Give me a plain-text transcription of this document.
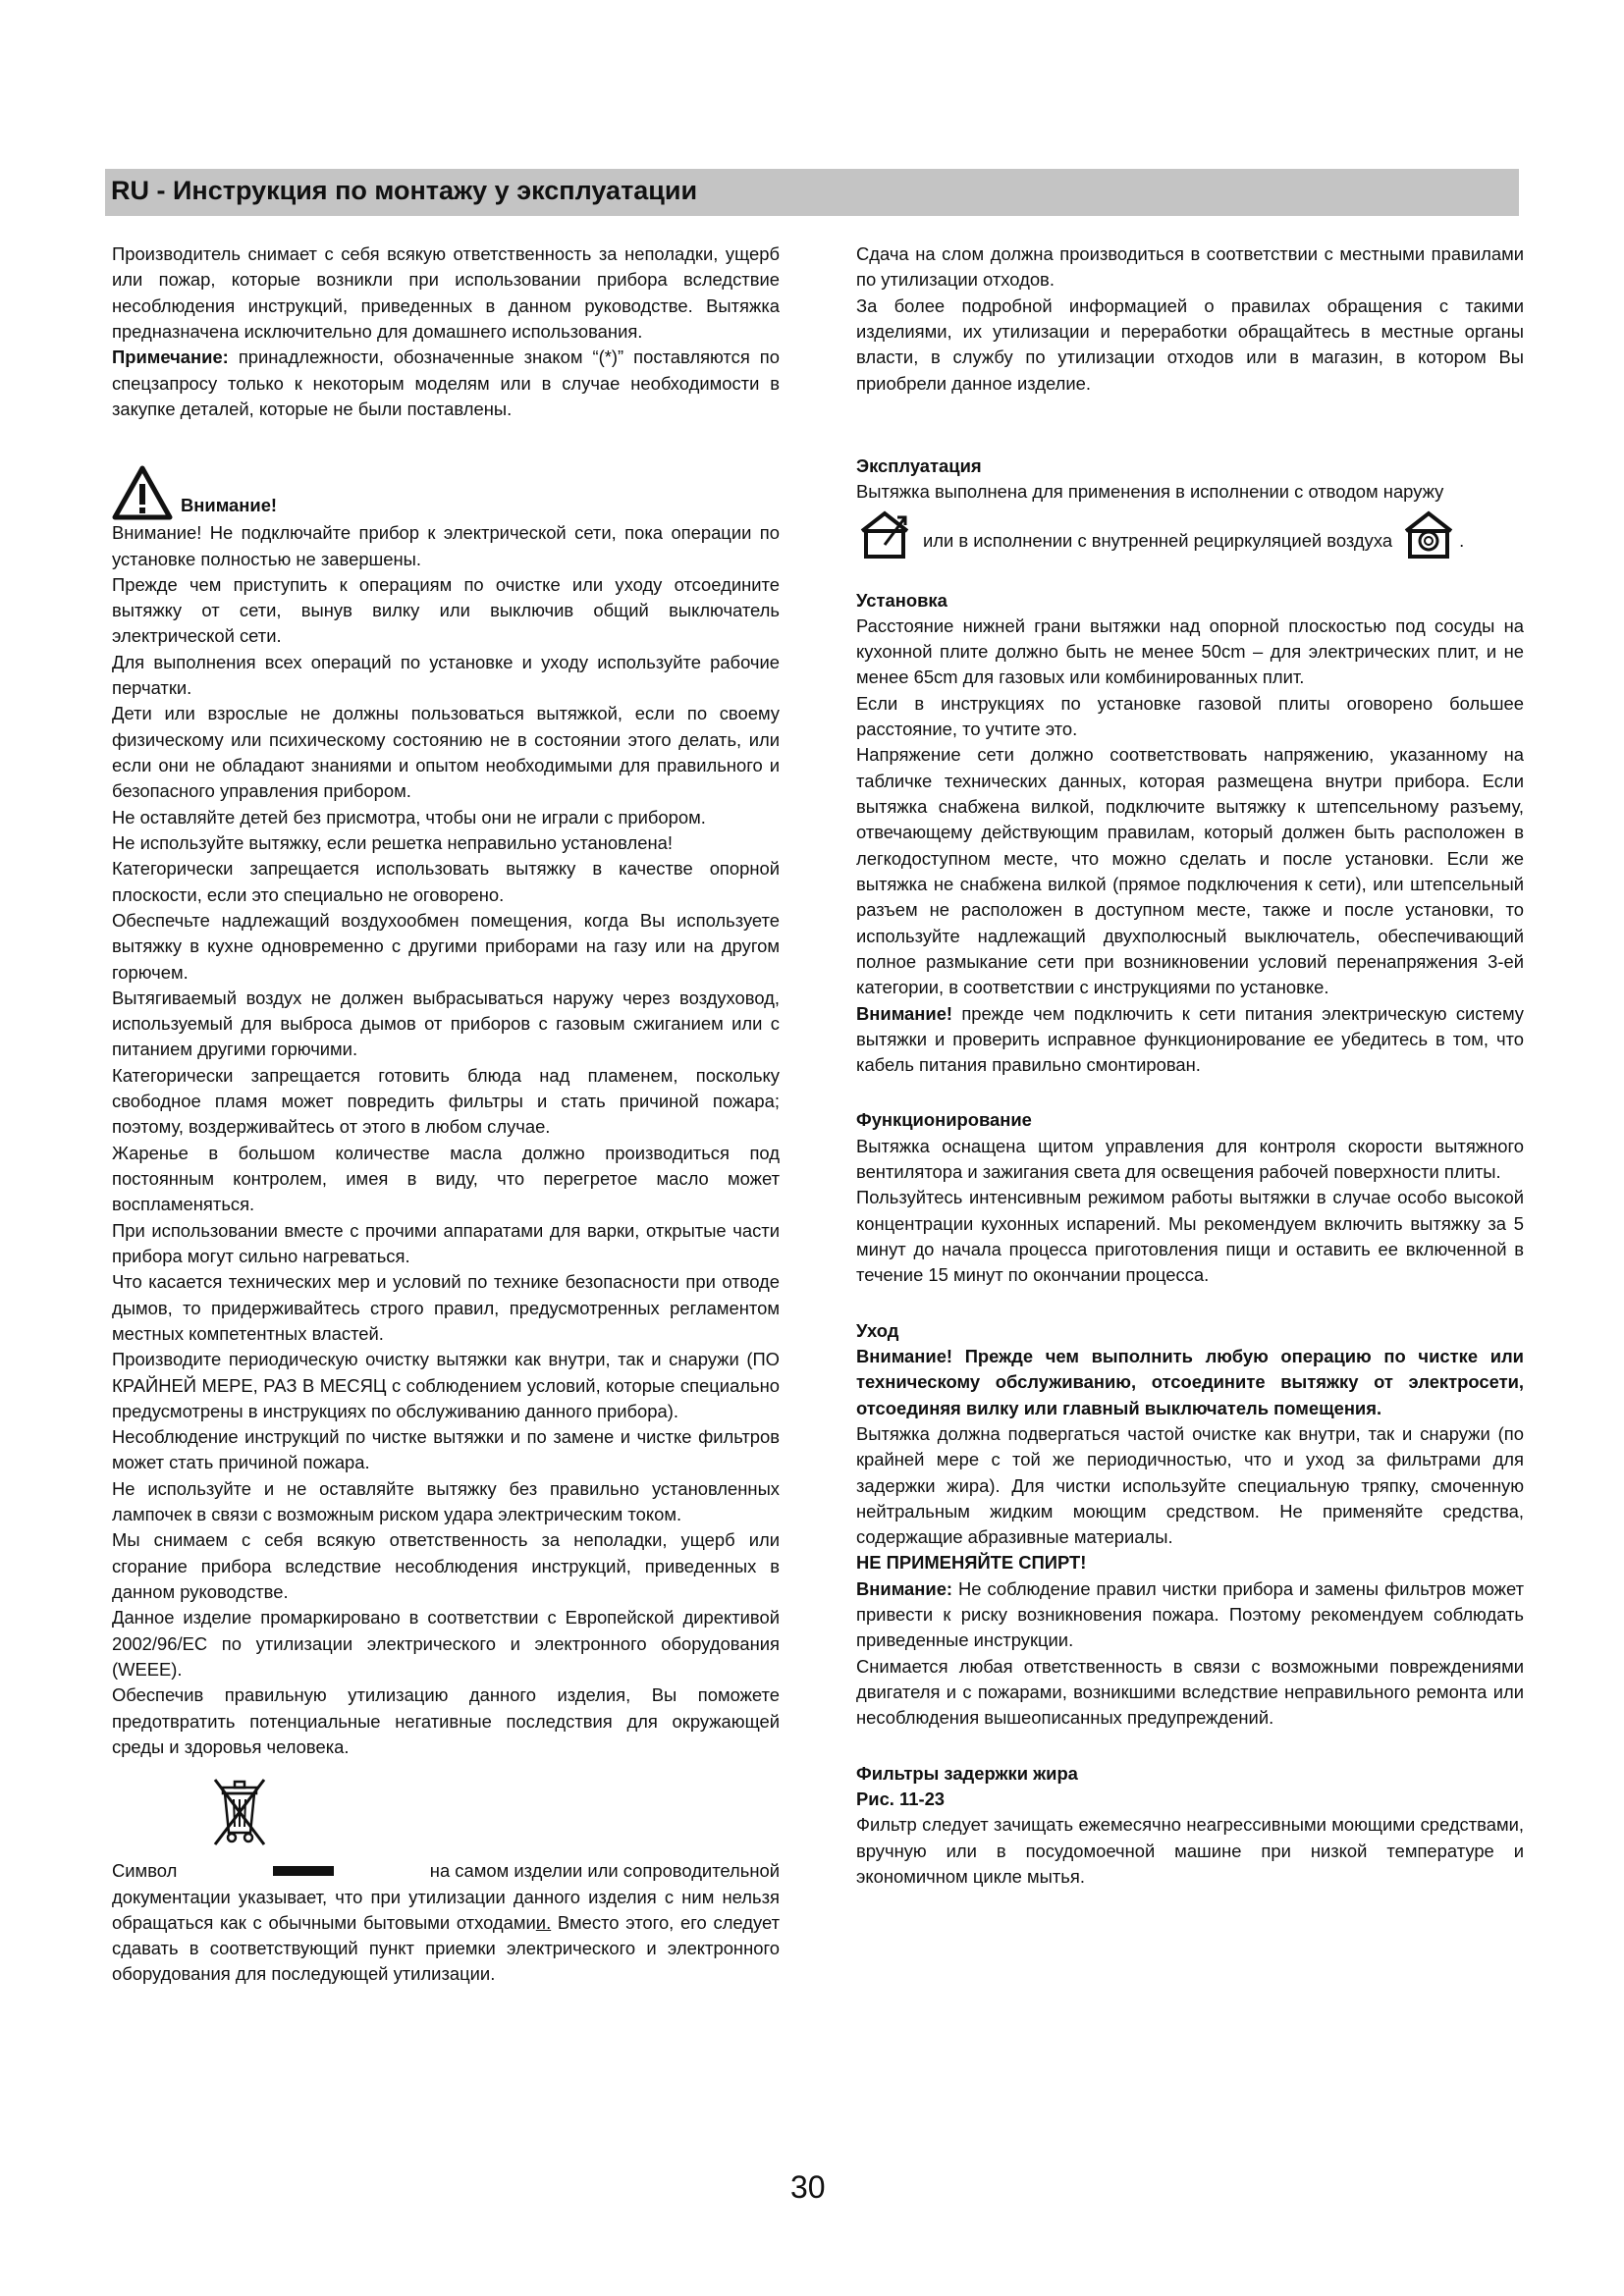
RU - Инструкция по монтажу у эксплуатации

Производитель снимает с себя всякую ответственность за неполадки, ущерб или пожар, которые возникли при использовании прибора вследствие несоблюдения инструкций, приведенных в данном руководстве. Вытяжка предназначена исключительно для домашнего использования.

Примечание: принадлежности, обозначенные знаком “(*)” поставляются по спецзапросу только к некоторым моделям или в случае необходимости в закупке деталей, которые не были поставлены.

Внимание!

Внимание! Не подключайте прибор к электрической сети, пока операции по установке полностью не завершены.

Прежде чем приступить к операциям по очистке или уходу отсоедините вытяжку от сети, вынув вилку или выключив общий выключатель электрической сети.

Для выполнения всех операций по установке и уходу используйте рабочие перчатки.

Дети или взрослые не должны пользоваться вытяжкой, если по своему физическому или психическому состоянию не в состоянии этого делать, или если они не обладают знаниями и опытом необходимыми для правильного и безопасного управления прибором.

Не оставляйте детей без присмотра, чтобы они не играли с прибором.

Не используйте вытяжку, если решетка неправильно установлена!

Категорически запрещается использовать вытяжку в качестве опорной плоскости, если это специально не оговорено.

Обеспечьте надлежащий воздухообмен помещения, когда Вы используете вытяжку в кухне одновременно с другими приборами на газу или на другом горючем.

Вытягиваемый воздух не должен выбрасываться наружу через воздуховод, используемый для выброса дымов от приборов с газовым сжиганием или с питанием другими горючими.

Категорически запрещается готовить блюда над пламенем, поскольку свободное пламя может повредить фильтры и стать причиной пожара; поэтому, воздерживайтесь от этого в любом случае.

Жаренье в большом количестве масла должно производиться под постоянным контролем, имея в виду, что перегретое масло может воспламеняться.

При использовании вместе с прочими аппаратами для варки, открытые части прибора могут сильно нагреваться.

Что касается технических мер и условий по технике безопасности при отводе дымов, то придерживайтесь строго правил, предусмотренных регламентом местных компетентных властей.

Производите периодическую очистку вытяжки как внутри, так и снаружи (ПО КРАЙНЕЙ МЕРЕ, РАЗ В МЕСЯЦ с соблюдением условий, которые специально предусмотрены в инструкциях по обслуживанию данного прибора).

Несоблюдение инструкций по чистке вытяжки и по замене и чистке фильтров может стать причиной пожара.

Не используйте и не оставляйте вытяжку без правильно установленных лампочек в связи с возможным риском удара электрическим током.

Мы снимаем с себя всякую ответственность за неполадки, ущерб или сгорание прибора вследствие несоблюдения инструкций, приведенных в данном руководстве.

Данное изделие промаркировано в соответствии с Европейской директивой 2002/96/EC по утилизации электрического и электронного оборудования (WEEE).

Обеспечив правильную утилизацию данного изделия, Вы поможете предотвратить потенциальные негативные последствия для окружающей среды и здоровья человека.

Символ	на самом изделии или сопроводительной

документации указывает, что при утилизации данного изделия с ним нельзя обращаться как с обычными бытовыми отходамии. Вместо этого, его следует сдавать в соответствующий пункт приемки электрического и электронного оборудования для последующей утилизации.

Сдача на слом должна производиться в соответствии с местными правилами по утилизации отходов.

За более подробной информацией о правилах обращения с такими изделиями, их утилизации и переработки обращайтесь в местные органы власти, в службу по утилизации отходов или в магазин, в котором Вы приобрели данное изделие.

Эксплуатация

Вытяжка выполнена для применения в исполнении с отводом наружу

или в исполнении с внутренней рециркуляцией воздуха	.

Установка

Расстояние нижней грани вытяжки над опорной плоскостью под сосуды на кухонной плите должно быть не менее 50cm – для электрических плит, и не менее 65cm для газовых или комбинированных плит.

Если в инструкциях по установке газовой плиты оговорено большее расстояние, то учтите это.

Напряжение сети должно соответствовать напряжению, указанному на табличке технических данных, которая размещена внутри прибора. Если вытяжка снабжена вилкой, подключите вытяжку к штепсельному разъему, отвечающему действующим правилам, который должен быть расположен в легкодоступном месте, что можно сделать и после установки. Если же вытяжка не снабжена вилкой (прямое подключения к сети), или штепсельный разъем не расположен в доступном месте, также и после установки, то используйте надлежащий двухполюсный выключатель, обеспечивающий полное размыкание сети при возникновении условий перенапряжения 3-ей категории, в соответствии с инструкциями по установке.

Внимание! прежде чем подключить к сети питания электрическую систему вытяжки и проверить исправное функционирование ее убедитесь в том, что кабель питания правильно смонтирован.

Функционирование

Вытяжка оснащена щитом управления для контроля скорости вытяжного вентилятора и зажигания света для освещения рабочей поверхности плиты.

Пользуйтесь интенсивным режимом работы вытяжки в случае особо высокой концентрации кухонных испарений. Мы рекомендуем включить вытяжку за 5 минут до начала процесса приготовления пищи и оставить ее включенной в течение 15 минут по окончании процесса.

Уход

Внимание! Прежде чем выполнить любую операцию по чистке или техническому обслуживанию, отсоедините вытяжку от электросети, отсоединяя вилку или главный выключатель помещения.

Вытяжка должна подвергаться частой очистке как внутри, так и снаружи (по крайней мере с той же периодичностью, что и уход за фильтрами для задержки жира). Для чистки используйте специальную тряпку, смоченную нейтральным жидким моющим средством. Не применяйте средства, содержащие абразивные материалы.

НЕ ПРИМЕНЯЙТЕ СПИРТ!

Внимание: Не соблюдение правил чистки прибора и замены фильтров может привести к риску возникновения пожара. Поэтому рекомендуем соблюдать приведенные инструкции.

Снимается любая ответственность в связи с возможными повреждениями двигателя и с пожарами, возникшими вследствие неправильного ремонта или несоблюдения вышеописанных предупреждений.

Фильтры задержки жира

Рис. 11-23

Фильтр следует зачищать ежемесячно неагрессивными моющими средствами, вручную или в посудомоечной машине при низкой температуре и экономичном цикле мытья.

30
